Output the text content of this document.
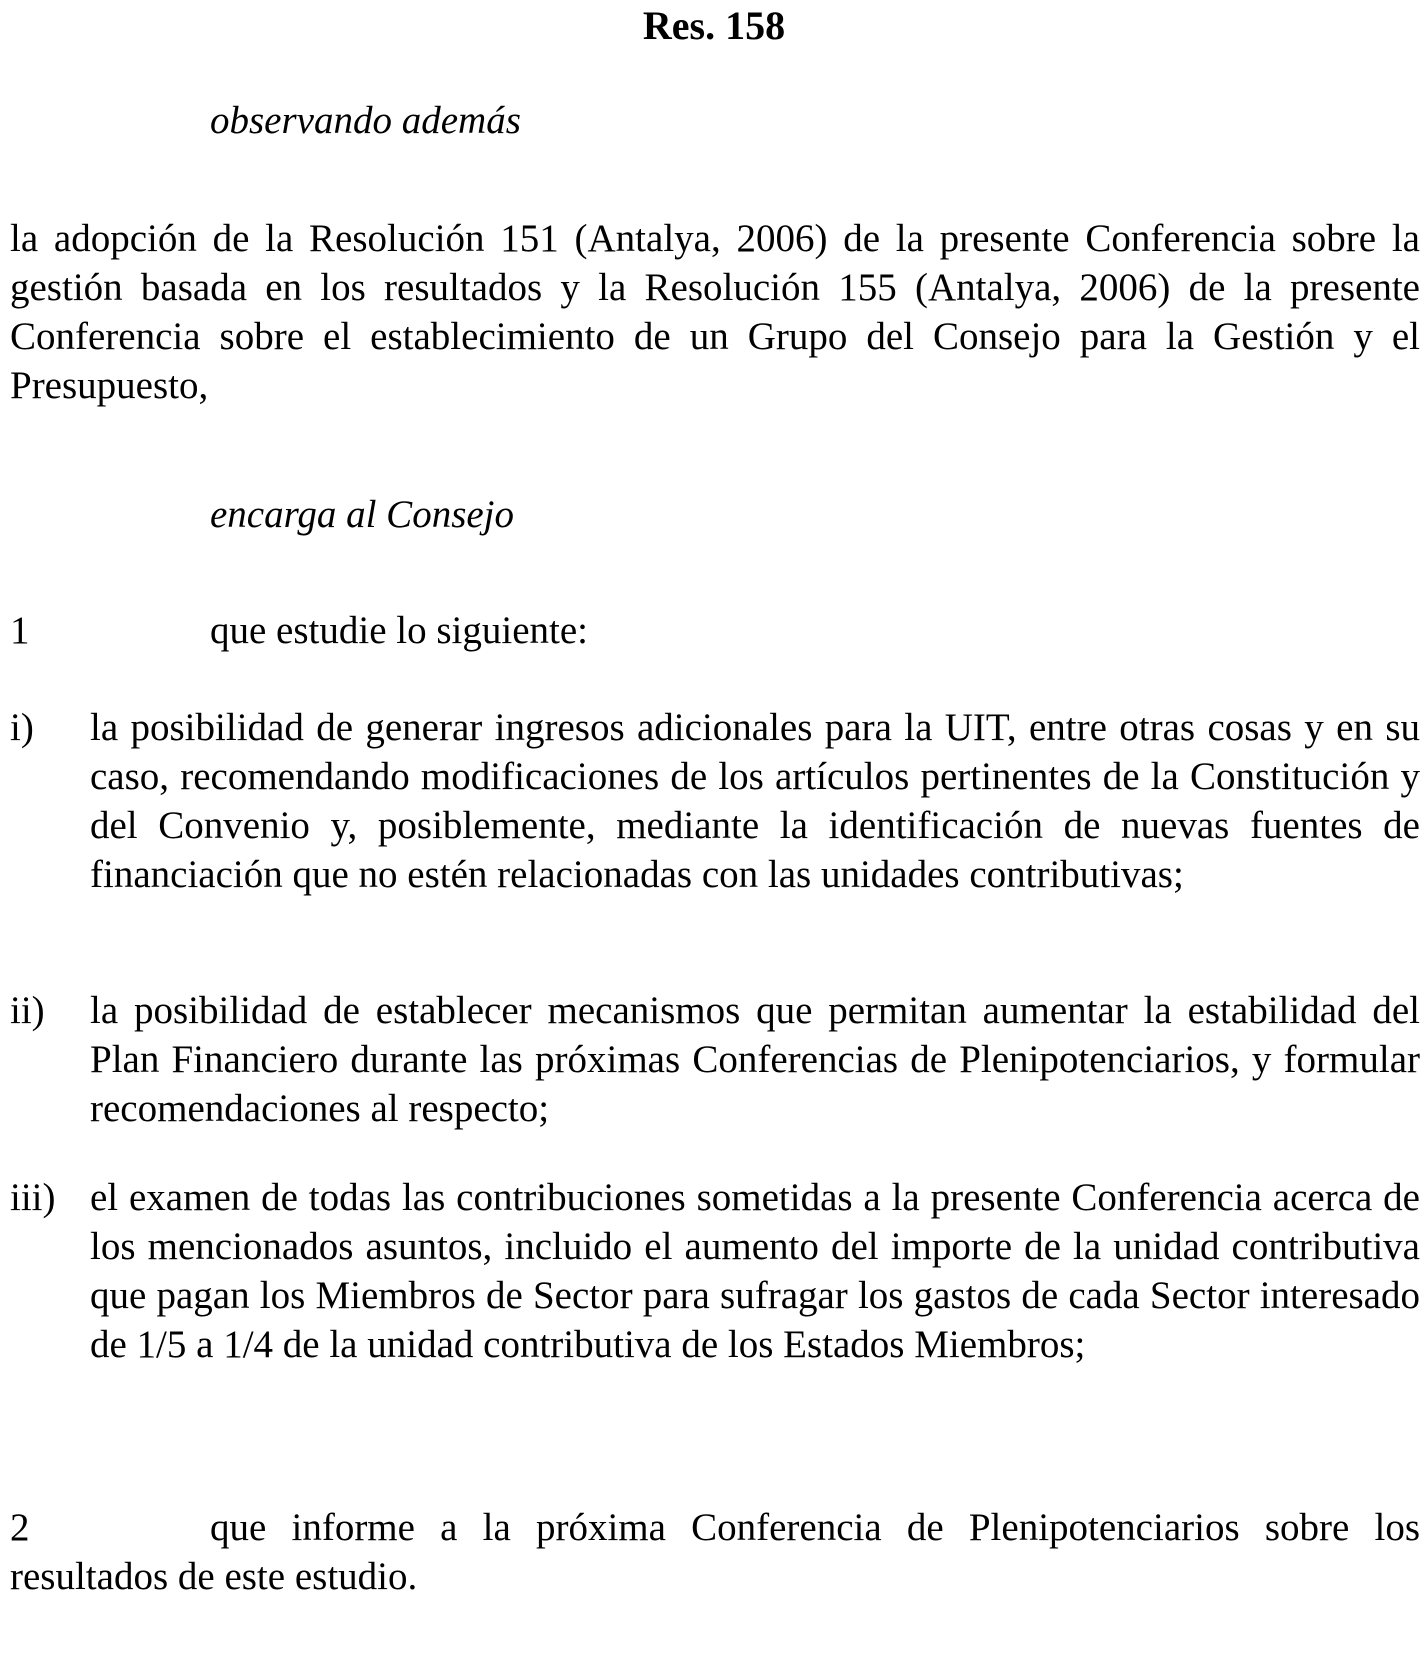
Res. 158
observando además

la adopción de la Resolución 151 (Antalya, 2006) de la presente Conferencia sobre la gestión basada en los resultados y la Resolución 155 (Antalya, 2006) de la presente Conferencia sobre el establecimiento de un Grupo del Consejo para la Gestión y el Presupuesto,

encarga al Consejo

1	que estudie lo siguiente:

i)	la posibilidad de generar ingresos adicionales para la UIT, entre otras cosas y en su caso, recomendando modificaciones de los artículos pertinentes de la Constitución y del Convenio y, posiblemente, mediante la identificación de nuevas fuentes de financiación que no estén relacionadas con las unidades contributivas;

ii)	la posibilidad de establecer mecanismos que permitan aumentar la estabilidad del Plan Financiero durante las próximas Conferencias de Plenipotenciarios, y formular recomendaciones al respecto;

iii) el examen de todas las contribuciones sometidas a la presente Conferencia acerca de los mencionados asuntos, incluido el aumento del importe de la unidad contributiva que pagan los Miembros de Sector para sufragar los gastos de cada Sector interesado de 1/5 a 1/4 de la unidad contributiva de los Estados Miembros;

2	que informe a la próxima Conferencia de Plenipotenciarios sobre los resultados de este estudio.
